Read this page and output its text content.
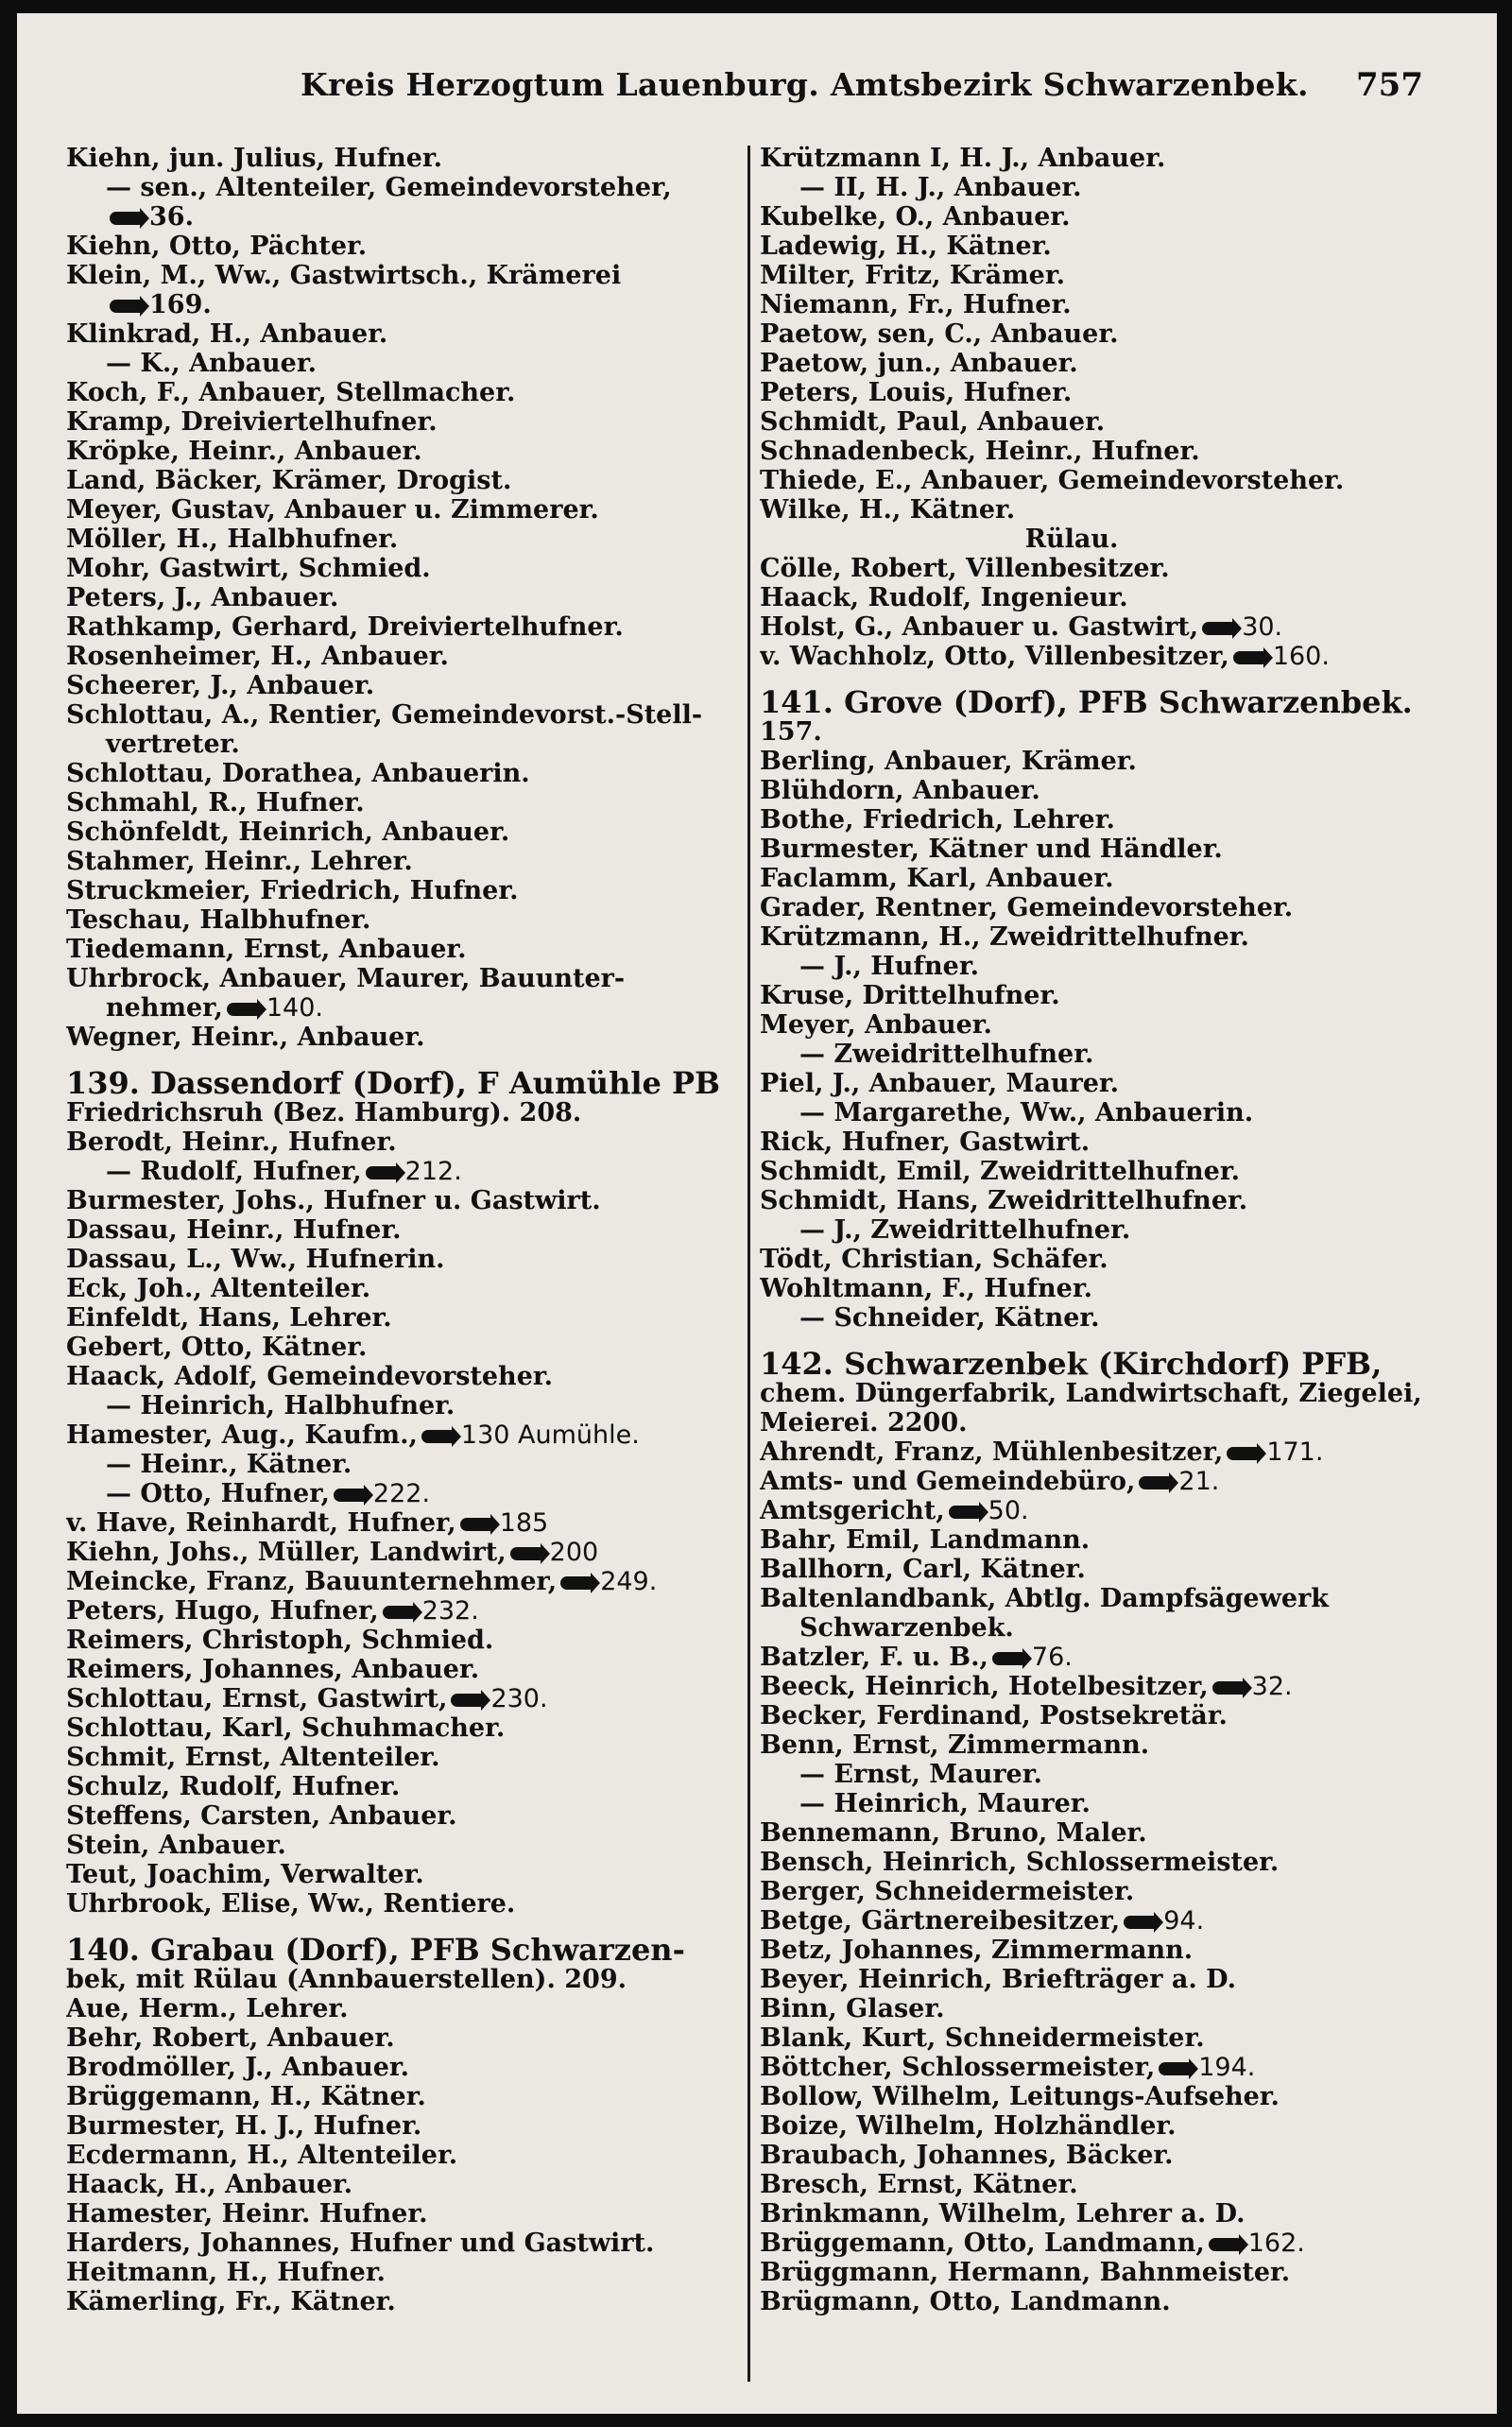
Kreis Herzogtum Lauenburg. Amtsbezirk Schwarzenbek. 757
Kiehn, jun. Julius, Hufner.
— sen., Altenteiler, Gemeindevorsteher,
36.
Kiehn, Otto, Pächter.
Klein, M., Ww., Gastwirtsch., Krämerei
169.
Klinkrad, H., Anbauer.
— K., Anbauer.
Koch, F., Anbauer, Stellmacher.
Kramp, Dreiviertelhufner.
Kröpke, Heinr., Anbauer.
Land, Bäcker, Krämer, Drogist.
Meyer, Gustav, Anbauer u. Zimmerer.
Möller, H., Halbhufner.
Mohr, Gastwirt, Schmied.
Peters, J., Anbauer.
Rathkamp, Gerhard, Dreiviertelhufner.
Rosenheimer, H., Anbauer.
Scheerer, J., Anbauer.
Schlottau, A., Rentier, Gemeindevorst.-Stell-
vertreter.
Schlottau, Dorathea, Anbauerin.
Schmahl, R., Hufner.
Schönfeldt, Heinrich, Anbauer.
Stahmer, Heinr., Lehrer.
Struckmeier, Friedrich, Hufner.
Teschau, Halbhufner.
Tiedemann, Ernst, Anbauer.
Uhrbrock, Anbauer, Maurer, Bauunter-
nehmer, 140.
Wegner, Heinr., Anbauer.
139. Dassendorf (Dorf), F Aumühle PB
Friedrichsruh (Bez. Hamburg). 208.
Berodt, Heinr., Hufner.
— Rudolf, Hufner, 212.
Burmester, Johs., Hufner u. Gastwirt.
Dassau, Heinr., Hufner.
Dassau, L., Ww., Hufnerin.
Eck, Joh., Altenteiler.
Einfeldt, Hans, Lehrer.
Gebert, Otto, Kätner.
Haack, Adolf, Gemeindevorsteher.
— Heinrich, Halbhufner.
Hamester, Aug., Kaufm., 130 Aumühle.
— Heinr., Kätner.
— Otto, Hufner, 222.
v. Have, Reinhardt, Hufner, 185
Kiehn, Johs., Müller, Landwirt, 200
Meincke, Franz, Bauunternehmer, 249.
Peters, Hugo, Hufner, 232.
Reimers, Christoph, Schmied.
Reimers, Johannes, Anbauer.
Schlottau, Ernst, Gastwirt, 230.
Schlottau, Karl, Schuhmacher.
Schmit, Ernst, Altenteiler.
Schulz, Rudolf, Hufner.
Steffens, Carsten, Anbauer.
Stein, Anbauer.
Teut, Joachim, Verwalter.
Uhrbrook, Elise, Ww., Rentiere.
140. Grabau (Dorf), PFB Schwarzen-
bek, mit Rülau (Annbauerstellen). 209.
Aue, Herm., Lehrer.
Behr, Robert, Anbauer.
Brodmöller, J., Anbauer.
Brüggemann, H., Kätner.
Burmester, H. J., Hufner.
Ecdermann, H., Altenteiler.
Haack, H., Anbauer.
Hamester, Heinr. Hufner.
Harders, Johannes, Hufner und Gastwirt.
Heitmann, H., Hufner.
Kämerling, Fr., Kätner.
Krützmann I, H. J., Anbauer.
— II, H. J., Anbauer.
Kubelke, O., Anbauer.
Ladewig, H., Kätner.
Milter, Fritz, Krämer.
Niemann, Fr., Hufner.
Paetow, sen, C., Anbauer.
Paetow, jun., Anbauer.
Peters, Louis, Hufner.
Schmidt, Paul, Anbauer.
Schnadenbeck, Heinr., Hufner.
Thiede, E., Anbauer, Gemeindevorsteher.
Wilke, H., Kätner.
Rülau.
Cölle, Robert, Villenbesitzer.
Haack, Rudolf, Ingenieur.
Holst, G., Anbauer u. Gastwirt, 30.
v. Wachholz, Otto, Villenbesitzer, 160.
141. Grove (Dorf), PFB Schwarzenbek.
157.
Berling, Anbauer, Krämer.
Blühdorn, Anbauer.
Bothe, Friedrich, Lehrer.
Burmester, Kätner und Händler.
Faclamm, Karl, Anbauer.
Grader, Rentner, Gemeindevorsteher.
Krützmann, H., Zweidrittelhufner.
— J., Hufner.
Kruse, Drittelhufner.
Meyer, Anbauer.
— Zweidrittelhufner.
Piel, J., Anbauer, Maurer.
— Margarethe, Ww., Anbauerin.
Rick, Hufner, Gastwirt.
Schmidt, Emil, Zweidrittelhufner.
Schmidt, Hans, Zweidrittelhufner.
— J., Zweidrittelhufner.
Tödt, Christian, Schäfer.
Wohltmann, F., Hufner.
— Schneider, Kätner.
142. Schwarzenbek (Kirchdorf) PFB,
chem. Düngerfabrik, Landwirtschaft, Ziegelei,
Meierei. 2200.
Ahrendt, Franz, Mühlenbesitzer, 171.
Amts- und Gemeindebüro, 21.
Amtsgericht, 50.
Bahr, Emil, Landmann.
Ballhorn, Carl, Kätner.
Baltenlandbank, Abtlg. Dampfsägewerk
Schwarzenbek.
Batzler, F. u. B., 76.
Beeck, Heinrich, Hotelbesitzer, 32.
Becker, Ferdinand, Postsekretär.
Benn, Ernst, Zimmermann.
— Ernst, Maurer.
— Heinrich, Maurer.
Bennemann, Bruno, Maler.
Bensch, Heinrich, Schlossermeister.
Berger, Schneidermeister.
Betge, Gärtnereibesitzer, 94.
Betz, Johannes, Zimmermann.
Beyer, Heinrich, Briefträger a. D.
Binn, Glaser.
Blank, Kurt, Schneidermeister.
Böttcher, Schlossermeister, 194.
Bollow, Wilhelm, Leitungs-Aufseher.
Boize, Wilhelm, Holzhändler.
Braubach, Johannes, Bäcker.
Bresch, Ernst, Kätner.
Brinkmann, Wilhelm, Lehrer a. D.
Brüggemann, Otto, Landmann, 162.
Brüggmann, Hermann, Bahnmeister.
Brügmann, Otto, Landmann.
